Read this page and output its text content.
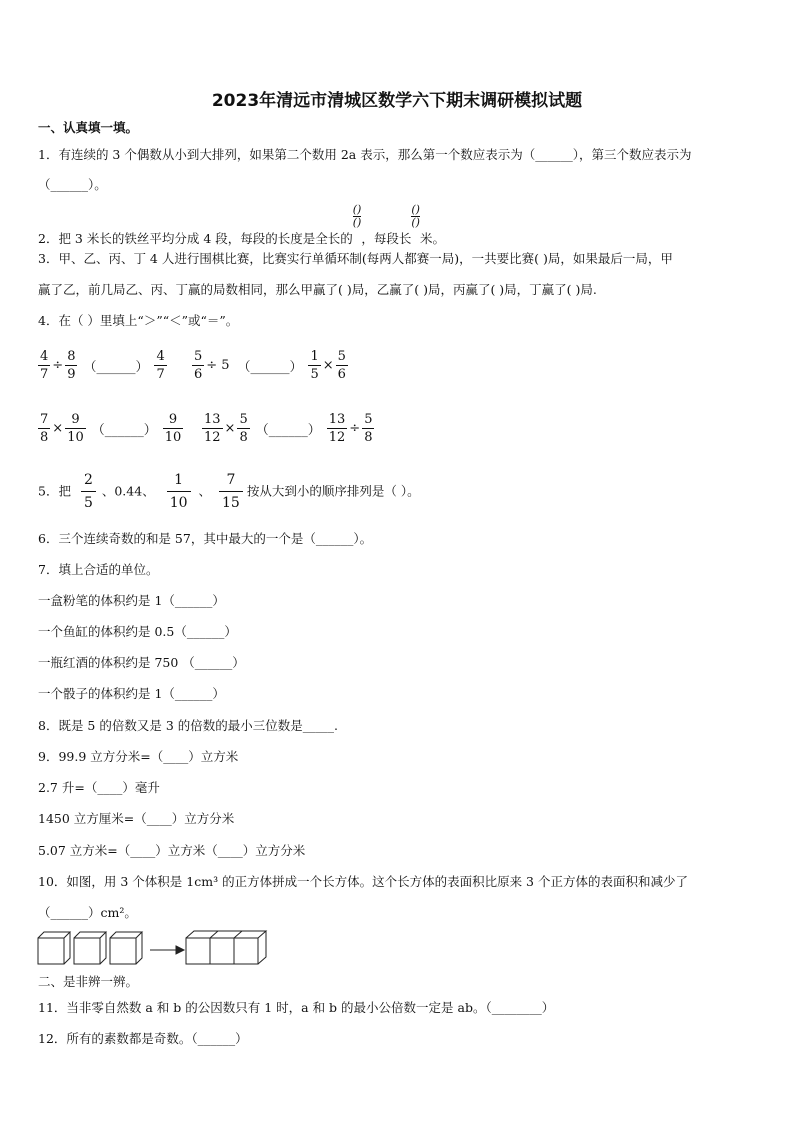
2023年清远市清城区数学六下期末调研模拟试题
一、认真填一填。
1．有连续的 3 个偶数从小到大排列，如果第二个数用 2a 表示，那么第一个数应表示为（______），第三个数应表示为
（______）。
2．把 3 米长的铁丝平均分成 4 段，每段的长度是全长的
$\frac{()}{()}$
，每段长
$\frac{()}{()}$
米。
3．甲、乙、丙、丁 4 人进行围棋比赛，比赛实行单循环制(每两人都赛一局)，一共要比赛( )局，如果最后一局，甲
赢了乙，前几局乙、丙、丁赢的局数相同，那么甲赢了( )局，乙赢了( )局，丙赢了( )局，丁赢了( )局.
4．在（ ）里填上“＞”“＜”或“＝”。
$\frac{4}{7} \div \frac{8}{9}$ （______） $\frac{4}{7} \frac{5}{6} \div 5$ （______） $\frac{1}{5} \times \frac{5}{6}$
$\frac{7}{8} \times \frac{9}{10}$ （______） $\frac{9}{10} \frac{13}{12} \times \frac{5}{8}$ （______） $\frac{13}{12} \div \frac{5}{8}$
5．把 $\frac{2}{5}$ 、0.44、 $\frac{1}{10}$ 、 $\frac{7}{15}$ 按从大到小的顺序排列是（ ）。
6．三个连续奇数的和是 57，其中最大的一个是（______）。
7．填上合适的单位。
一盒粉笔的体积约是 1（______）
一个鱼缸的体积约是 0.5（______）
一瓶红酒的体积约是 750 （______）
一个骰子的体积约是 1（______）
8．既是 5 的倍数又是 3 的倍数的最小三位数是_____.
9．99.9 立方分米=（____）立方米
2.7 升=（____）毫升
1450 立方厘米=（____）立方分米
5.07 立方米=（____）立方米（____）立方分米
10．如图，用 3 个体积是 1cm³ 的正方体拼成一个长方体。这个长方体的表面积比原来 3 个正方体的表面积和减少了
（______）cm²。
二、是非辨一辨。
11．当非零自然数 a 和 b 的公因数只有 1 时，a 和 b 的最小公倍数一定是 ab。（________）
12．所有的素数都是奇数。（______）
